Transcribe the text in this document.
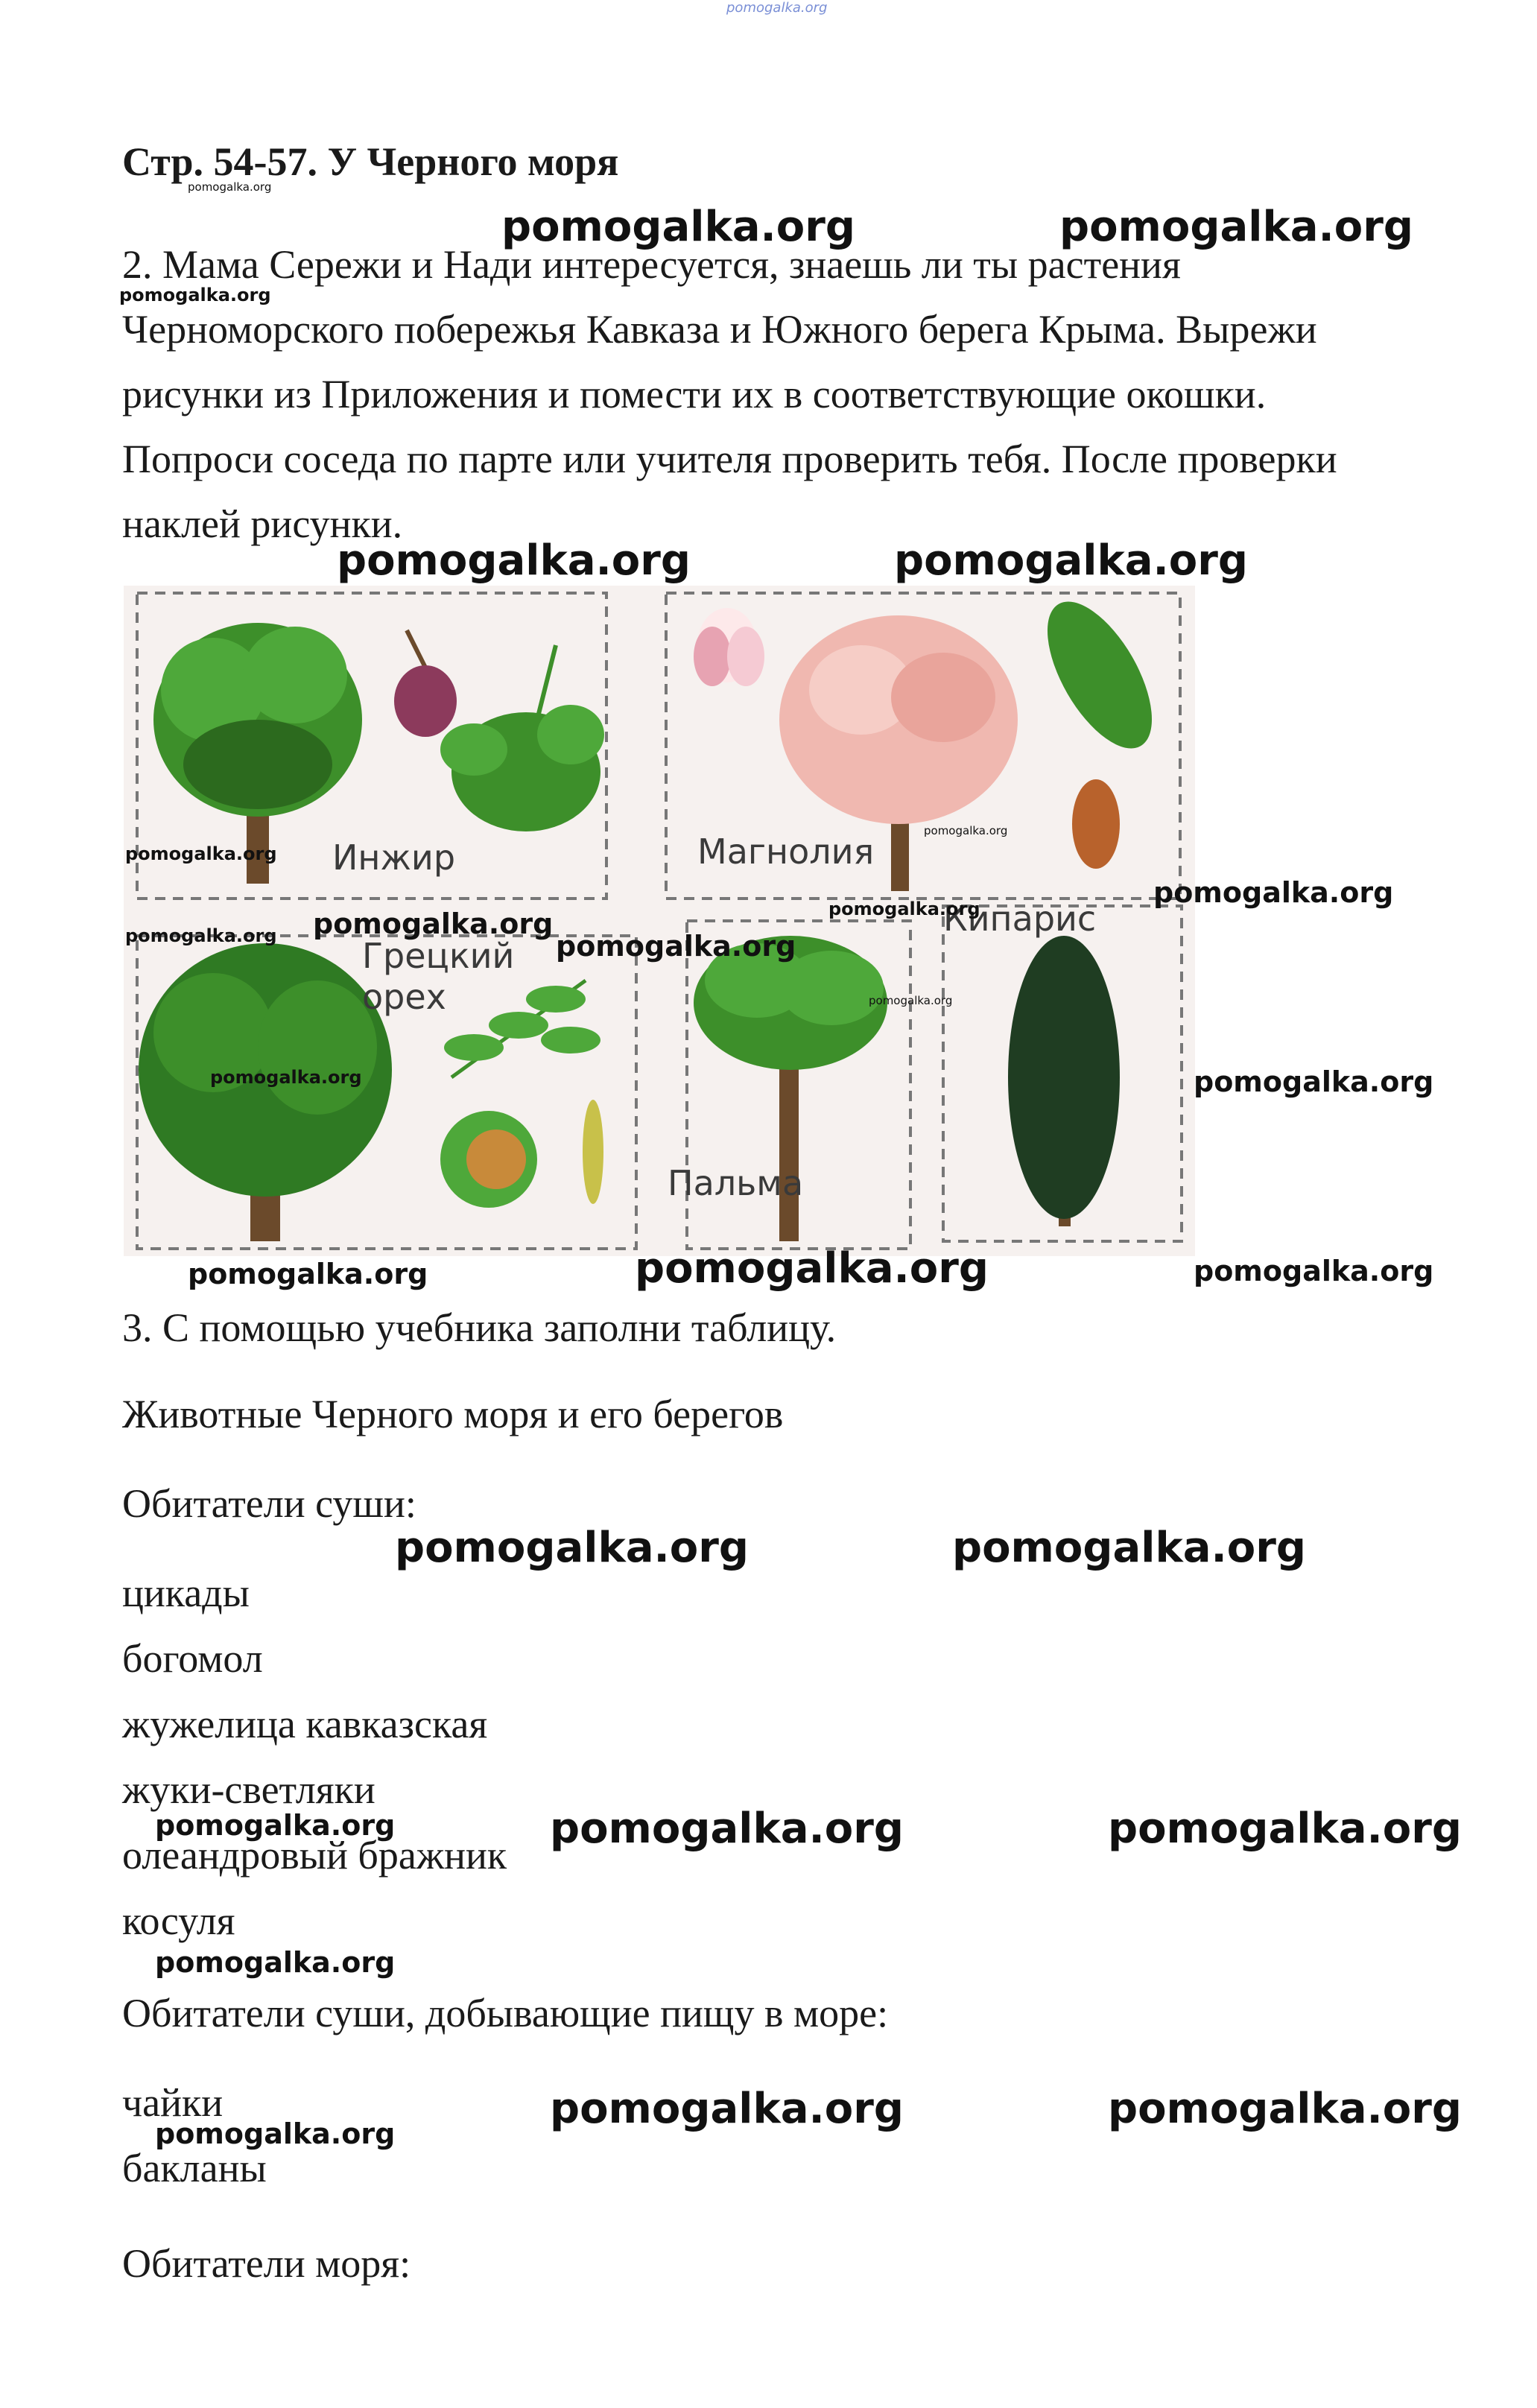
pomogalka.org
Стр. 54-57. У Черного моря
pomogalka.org
2. Мама Сережи и Нади интересуется, знаешь ли ты растения
Черноморского побережья Кавказа и Южного берега Крыма. Вырежи
рисунки из Приложения и помести их в соответствующие окошки.
Попроси соседа по парте или учителя проверить тебя. После проверки
наклей рисунки.
pomogalka.org	pomogalka.org
pomogalka.org
pomogalka.org	pomogalka.org
Инжир	Магнолия
Грецкий
орех
Пальма
Кипарис
pomogalka.org
pomogalka.org
pomogalka.org pomogalka.org
pomogalka.org
pomogalka.org
pomogalka.org
pomogalka.org
pomogalka.org
pomogalka.org
pomogalka.org	pomogalka.org	pomogalka.org
3. С помощью учебника заполни таблицу.
Животные Черного моря и его берегов
Обитатели суши:
pomogalka.org	pomogalka.org
цикады
богомол
жужелица кавказская
жуки-светляки
pomogalka.org
олеандровый бражник
pomogalka.org	pomogalka.org
косуля
pomogalka.org
Обитатели суши, добывающие пищу в море:
чайки
pomogalka.org
pomogalka.org	pomogalka.org
бакланы
Обитатели моря:
